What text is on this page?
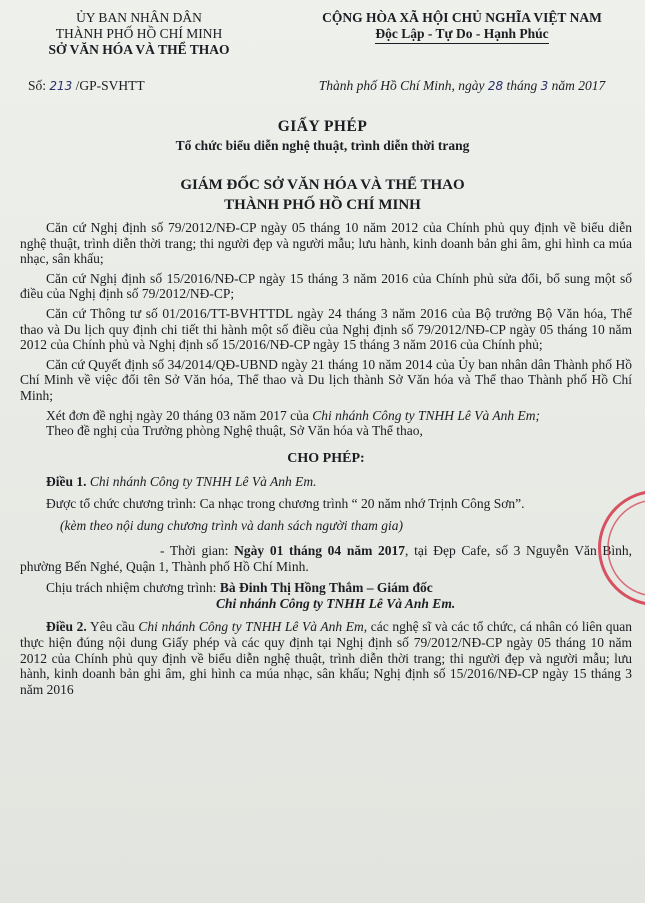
ỦY BAN NHÂN DÂN
THÀNH PHỐ HỒ CHÍ MINH
SỞ VĂN HÓA VÀ THỂ THAO
CỘNG HÒA XÃ HỘI CHỦ NGHĨA VIỆT NAM
Độc Lập - Tự Do - Hạnh Phúc
Số: 213 /GP-SVHTT	Thành phố Hồ Chí Minh, ngày 28 tháng 3 năm 2017
GIẤY PHÉP
Tổ chức biểu diễn nghệ thuật, trình diễn thời trang
GIÁM ĐỐC SỞ VĂN HÓA VÀ THỂ THAO
THÀNH PHỐ HỒ CHÍ MINH

Căn cứ Nghị định số 79/2012/NĐ-CP ngày 05 tháng 10 năm 2012 của Chính phủ quy định về biểu diễn nghệ thuật, trình diễn thời trang; thi người đẹp và người mẫu; lưu hành, kinh doanh bản ghi âm, ghi hình ca múa nhạc, sân khấu;

Căn cứ Nghị định số 15/2016/NĐ-CP ngày 15 tháng 3 năm 2016 của Chính phủ sửa đổi, bổ sung một số điều của Nghị định số 79/2012/NĐ-CP;

Căn cứ Thông tư số 01/2016/TT-BVHTTDL ngày 24 tháng 3 năm 2016 của Bộ trưởng Bộ Văn hóa, Thể thao và Du lịch quy định chi tiết thi hành một số điều của Nghị định số 79/2012/NĐ-CP ngày 05 tháng 10 năm 2012 của Chính phủ và Nghị định số 15/2016/NĐ-CP ngày 15 tháng 3 năm 2016 của Chính phủ;

Căn cứ Quyết định số 34/2014/QĐ-UBND ngày 21 tháng 10 năm 2014 của Ủy ban nhân dân Thành phố Hồ Chí Minh về việc đổi tên Sở Văn hóa, Thể thao và Du lịch thành Sở Văn hóa và Thể thao Thành phố Hồ Chí Minh;

Xét đơn đề nghị ngày 20 tháng 03 năm 2017 của Chi nhánh Công ty TNHH Lê Và Anh Em;

Theo đề nghị của Trưởng phòng Nghệ thuật, Sở Văn hóa và Thể thao,

CHO PHÉP:

Điều 1. Chi nhánh Công ty TNHH Lê Và Anh Em.

Được tổ chức chương trình: Ca nhạc trong chương trình “ 20 năm nhớ Trịnh Công Sơn”.

(kèm theo nội dung chương trình và danh sách người tham gia)

- Thời gian: Ngày 01 tháng 04 năm 2017, tại Đẹp Cafe, số 3 Nguyễn Văn Bình, phường Bến Nghé, Quận 1, Thành phố Hồ Chí Minh.

Chịu trách nhiệm chương trình: Bà Đinh Thị Hồng Thắm – Giám đốc

Chi nhánh Công ty TNHH Lê Và Anh Em.

Điều 2. Yêu cầu Chi nhánh Công ty TNHH Lê Và Anh Em, các nghệ sĩ và các tổ chức, cá nhân có liên quan thực hiện đúng nội dung Giấy phép và các quy định tại Nghị định số 79/2012/NĐ-CP ngày 05 tháng 10 năm 2012 của Chính phủ quy định về biểu diễn nghệ thuật, trình diễn thời trang; thi người đẹp và người mẫu; lưu hành, kinh doanh bản ghi âm, ghi hình ca múa nhạc, sân khấu; Nghị định số 15/2016/NĐ-CP ngày 15 tháng 3 năm 2016
